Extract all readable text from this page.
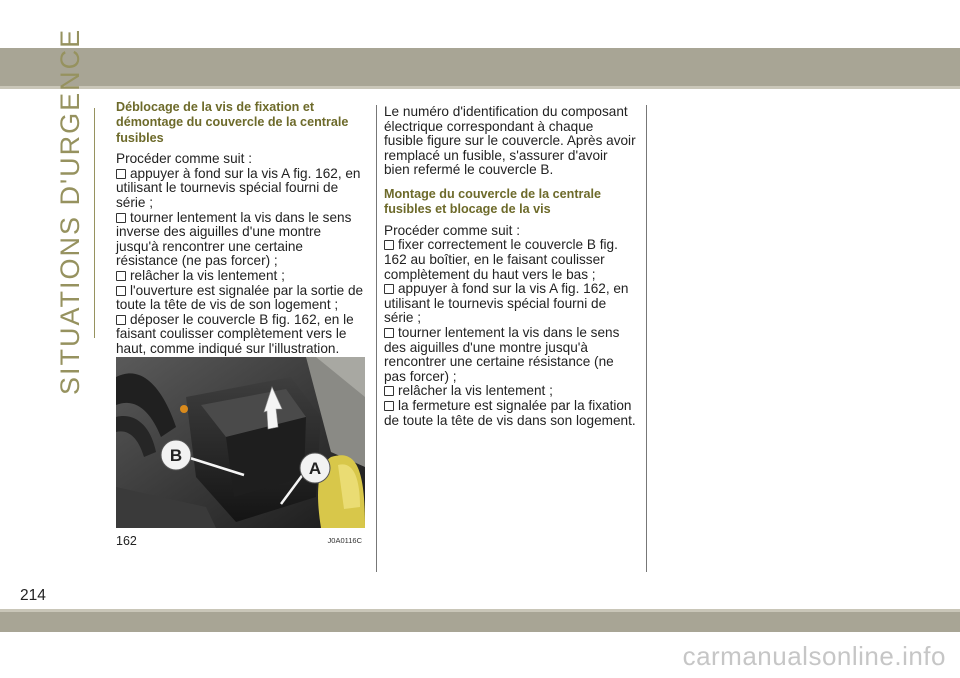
SITUATIONS D'URGENCE Déblocage de la vis de fixation et démontage du couvercle de la centrale fusibles

Procéder comme suit :

appuyer à fond sur la vis A fig. 162, en utilisant le tournevis spécial fourni de série ;

tourner lentement la vis dans le sens inverse des aiguilles d'une montre jusqu'à rencontrer une certaine résistance (ne pas forcer) ;

relâcher la vis lentement ;

l'ouverture est signalée par la sortie de toute la tête de vis de son logement ;

déposer le couvercle B fig. 162, en le faisant coulisser complètement vers le haut, comme indiqué sur l'illustration.

B
A
162	J0A0116C

Le numéro d'identification du composant électrique correspondant à chaque fusible figure sur le couvercle. Après avoir remplacé un fusible, s'assurer d'avoir bien refermé le couvercle B.

Montage du couvercle de la centrale fusibles et blocage de la vis

Procéder comme suit :

fixer correctement le couvercle B fig. 162 au boîtier, en le faisant coulisser complètement du haut vers le bas ;

appuyer à fond sur la vis A fig. 162, en utilisant le tournevis spécial fourni de série ;

tourner lentement la vis dans le sens des aiguilles d'une montre jusqu'à rencontrer une certaine résistance (ne pas forcer) ;

relâcher la vis lentement ;

la fermeture est signalée par la fixation de toute la tête de vis dans son logement.

214
carmanualsonline.info
